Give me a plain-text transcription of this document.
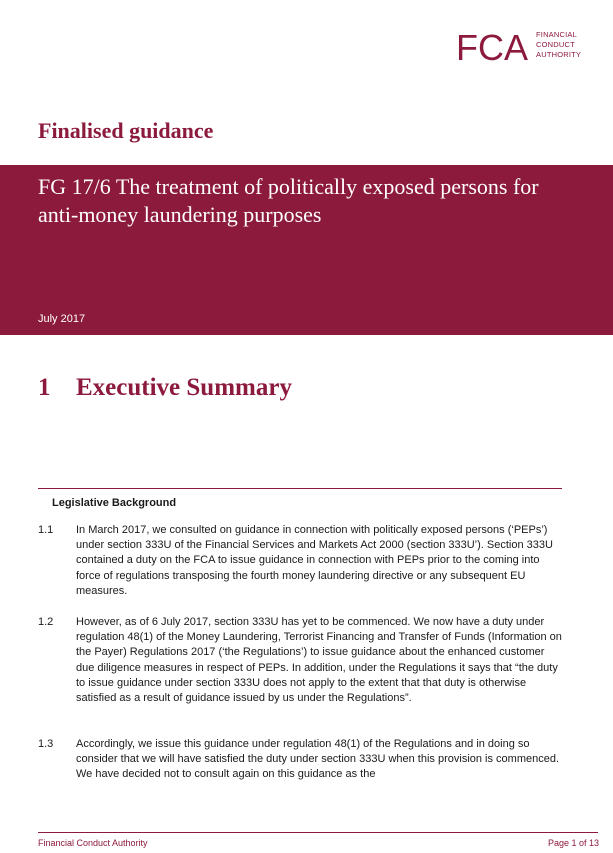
FCA FINANCIAL
CONDUCT
AUTHORITY
Finalised guidance
FG 17/6 The treatment of politically exposed persons for anti-money laundering purposes
July 2017
1 Executive Summary
Legislative Background
1.1 In March 2017, we consulted on guidance in connection with politically exposed persons (‘PEPs’) under section 333U of the Financial Services and Markets Act 2000 (section 333U’). Section 333U contained a duty on the FCA to issue guidance in connection with PEPs prior to the coming into force of regulations transposing the fourth money laundering directive or any subsequent EU measures.
1.2 However, as of 6 July 2017, section 333U has yet to be commenced. We now have a duty under regulation 48(1) of the Money Laundering, Terrorist Financing and Transfer of Funds (Information on the Payer) Regulations 2017 (‘the Regulations’) to issue guidance about the enhanced customer due diligence measures in respect of PEPs. In addition, under the Regulations it says that “the duty to issue guidance under section 333U does not apply to the extent that that duty is otherwise satisfied as a result of guidance issued by us under the Regulations”.
1.3 Accordingly, we issue this guidance under regulation 48(1) of the Regulations and in doing so consider that we will have satisfied the duty under section 333U when this provision is commenced. We have decided not to consult again on this guidance as the
Financial Conduct Authority	Page 1 of 13
